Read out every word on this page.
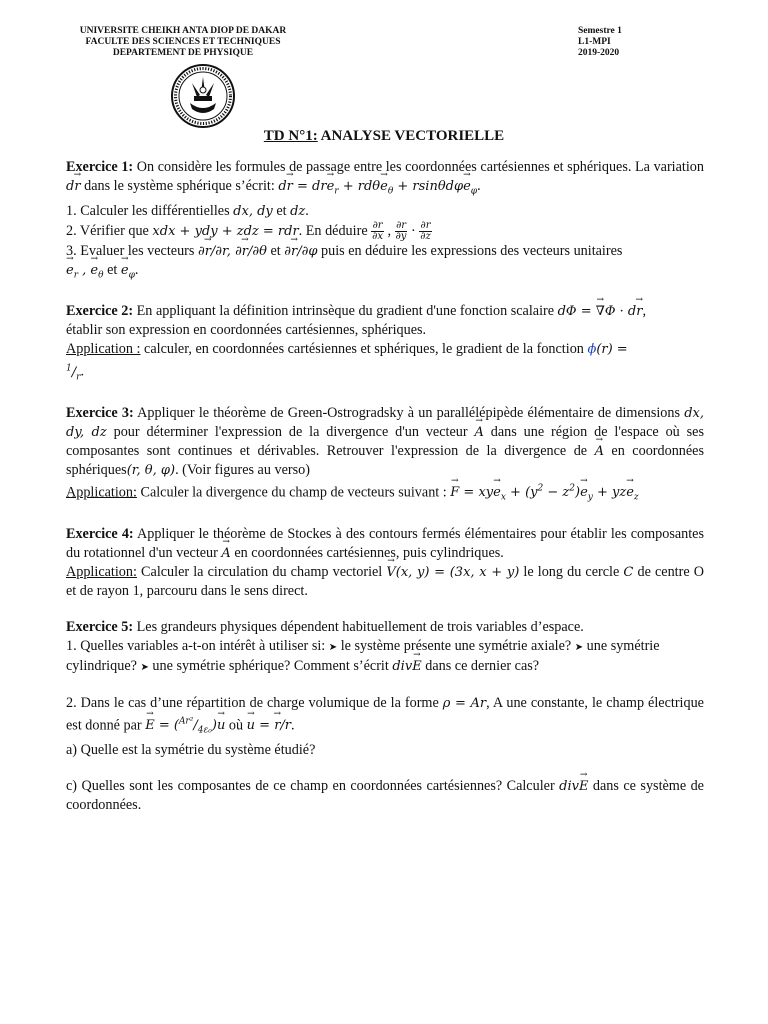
UNIVERSITE CHEIKH ANTA DIOP DE DAKAR
FACULTE DES SCIENCES ET TECHNIQUES
DEPARTEMENT DE PHYSIQUE
Semestre 1
L1-MPI
2019-2020
TD N°1: ANALYSE VECTORIELLE

Exercice 1: On considère les formules de passage entre les coordonnées cartésiennes et sphériques. La variation dr → dans le système sphérique s’écrit: dr → = dre $\to_r + rd\theta e \to_\theta + rsin\theta d\varphi e \to_\varphi$.

1. Calculer les différentielles dx, dy et dz.

2. Vérifier que xdx + ydy + zdz = rdr. En déduire $\frac{\partial r}{\partial x}$ , $\frac{\partial r}{\partial y} \cdot \frac{\partial r}{\partial z}$

3. Evaluer les vecteurs ∂r →/∂r, ∂r →/∂θ et ∂r →/∂φ puis en déduire les expressions des vecteurs unitaires
$e \to_r$ , $e \to_\theta$ et $e \to_\varphi$.

Exercice 2: En appliquant la définition intrinsèque du gradient d'une fonction scalaire dΦ = ∇ →Φ · dr →,

établir son expression en coordonnées cartésiennes, sphériques.

Application : calculer, en coordonnées cartésiennes et sphériques, le gradient de la fonction ϕ(r) =

$^1/_r$.

Exercice 3: Appliquer le théorème de Green-Ostrogradsky à un parallélépipède élémentaire de dimensions dx, dy, dz pour déterminer l'expression de la divergence d'un vecteur A → dans une région de l'espace où ses composantes sont continues et dérivables. Retrouver l'expression de la divergence de A → en coordonnées sphériques(r, θ, φ). (Voir figures au verso)

Application: Calculer la divergence du champ de vecteurs suivant : F → = xye $\to_x + (y^2 - z^2)e \to_y$ + yze $\to_z$

Exercice 4: Appliquer le théorème de Stockes à des contours fermés élémentaires pour établir les composantes du rotationnel d'un vecteur A → en coordonnées cartésiennes, puis cylindriques.

Application: Calculer la circulation du champ vectoriel V →(x, y) = (3x, x + y) le long du cercle C de centre O et de rayon 1, parcouru dans le sens direct.

Exercice 5: Les grandeurs physiques dépendent habituellement de trois variables d’espace.

1. Quelles variables a-t-on intérêt à utiliser si: ➤ le système présente une symétrie axiale? ➤ une symétrie cylindrique? ➤ une symétrie sphérique? Comment s’écrit divE → dans ce dernier cas?

2. Dans le cas d’une répartition de charge volumique de la forme ρ = Ar, A une constante, le champ électrique est donné par E → = $(^{Ar^2}/_{4\varepsilon_0})u$ → où u → = r →/r.

a) Quelle est la symétrie du système étudié?

c) Quelles sont les composantes de ce champ en coordonnées cartésiennes? Calculer divE → dans ce système de coordonnées.
